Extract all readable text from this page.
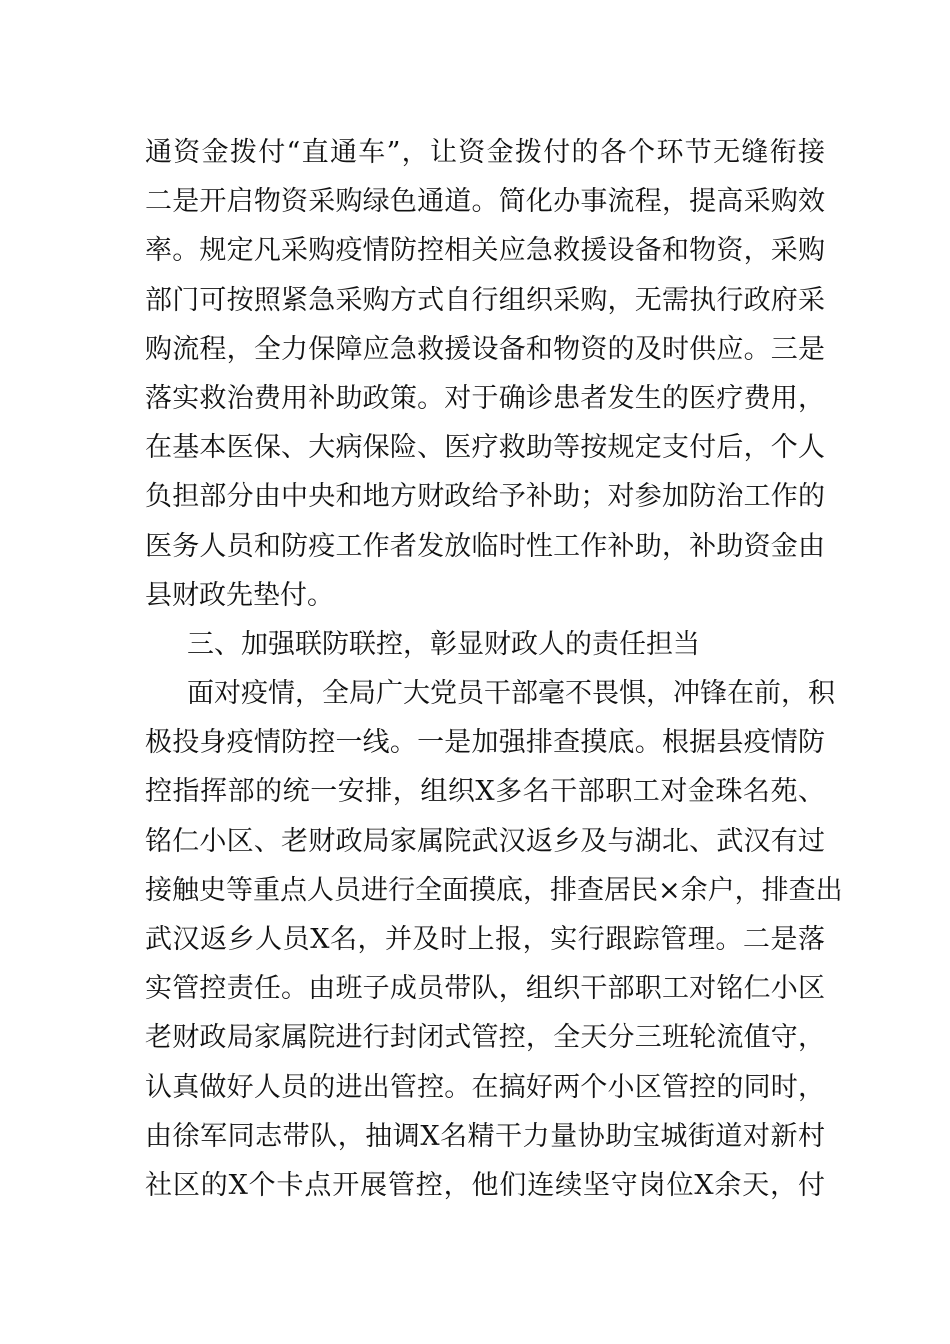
通资金拨付“直通车”，让资金拨付的各个环节无缝衔接
二是开启物资采购绿色通道。简化办事流程，提高采购效
率。规定凡采购疫情防控相关应急救援设备和物资，采购
部门可按照紧急采购方式自行组织采购，无需执行政府采
购流程，全力保障应急救援设备和物资的及时供应。三是
落实救治费用补助政策。对于确诊患者发生的医疗费用，
在基本医保、大病保险、医疗救助等按规定支付后，个人
负担部分由中央和地方财政给予补助；对参加防治工作的
医务人员和防疫工作者发放临时性工作补助，补助资金由
县财政先垫付。
三、加强联防联控，彰显财政人的责任担当
面对疫情，全局广大党员干部毫不畏惧，冲锋在前，积
极投身疫情防控一线。一是加强排查摸底。根据县疫情防
控指挥部的统一安排，组织X多名干部职工对金珠名苑、
铭仁小区、老财政局家属院武汉返乡及与湖北、武汉有过
接触史等重点人员进行全面摸底，排查居民×余户，排查出
武汉返乡人员X名，并及时上报，实行跟踪管理。二是落
实管控责任。由班子成员带队，组织干部职工对铭仁小区
老财政局家属院进行封闭式管控，全天分三班轮流值守，
认真做好人员的进出管控。在搞好两个小区管控的同时，
由徐军同志带队，抽调X名精干力量协助宝城街道对新村
社区的X个卡点开展管控，他们连续坚守岗位X余天，付
